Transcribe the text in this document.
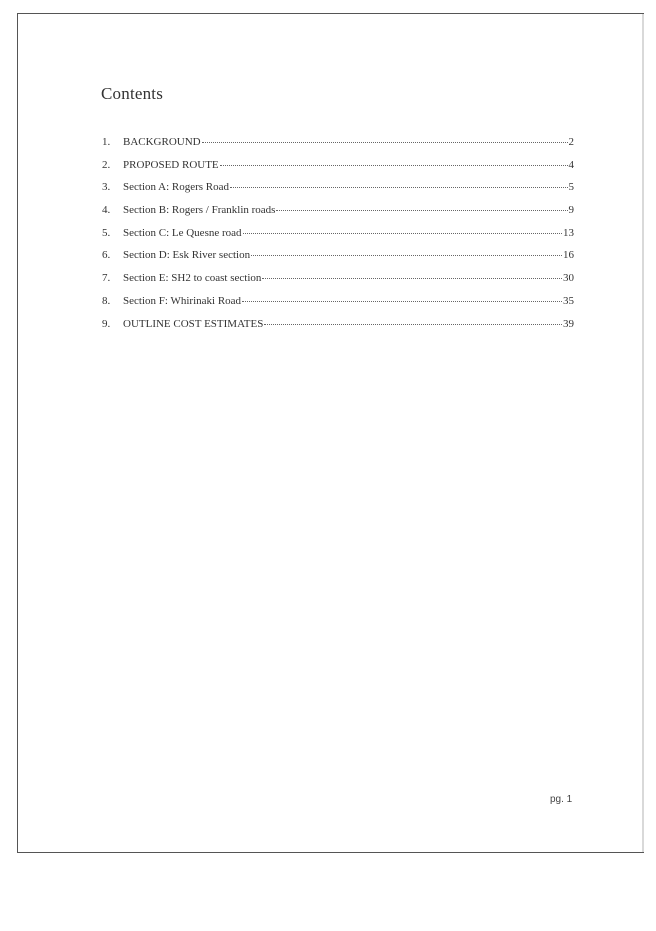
Contents
1.	BACKGROUND	2
2.	PROPOSED ROUTE	4
3.	Section A: Rogers Road	5
4.	Section B: Rogers / Franklin roads	9
5.	Section C: Le Quesne road	13
6.	Section D: Esk River section	16
7.	Section E: SH2 to coast section	30
8.	Section F: Whirinaki Road	35
9.	OUTLINE COST ESTIMATES	39
pg. 1
